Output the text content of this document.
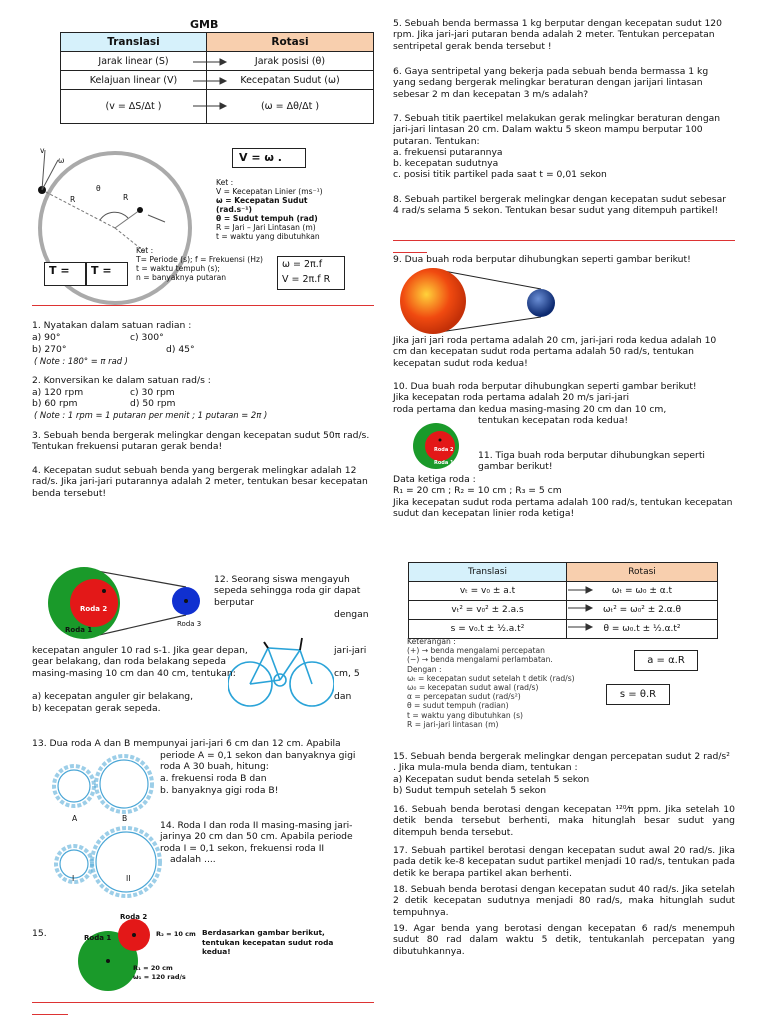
GMB
Translasi	Rotasi
Jarak linear (S)	Jarak posisi (θ)
Kelajuan linear (V)	Kecepatan Sudut (ω)
(v = ΔS/Δt )	(ω = Δθ/Δt )
v
ω
R	R
θ
V = ω .
Ket :
V = Kecepatan Linier (ms⁻¹)
ω = Kecepatan Sudut
(rad.s⁻¹)
θ = Sudut tempuh (rad)
R = Jari – Jari Lintasan (m)
t = waktu yang dibutuhkan
T =	T =
Ket :
T= Periode (s); f = Frekuensi (Hz)
t = waktu tempuh (s);
n = banyaknya putaran
ω = 2π.f
V = 2π.f R
1. Nyatakan dalam satuan radian :
a) 90°	c) 300°
b) 270°	d) 45°
( Note : 180° = π rad )
2. Konversikan ke dalam satuan rad/s :
a) 120 rpm	c) 30 rpm
b) 60 rpm	d) 50 rpm
( Note : 1 rpm = 1 putaran per menit ; 1 putaran = 2π )
3. Sebuah benda bergerak melingkar dengan kecepatan sudut 50π rad/s. Tentukan frekuensi putaran gerak benda!
4. Kecepatan sudut sebuah benda yang bergerak melingkar adalah 12 rad/s. Jika jari-jari putarannya adalah 2 meter, tentukan besar kecepatan benda tersebut!
5. Sebuah benda bermassa 1 kg berputar dengan kecepatan sudut 120 rpm. Jika jari-jari putaran benda adalah 2 meter. Tentukan percepatan sentripetal gerak benda tersebut !
6. Gaya sentripetal yang bekerja pada sebuah benda bermassa 1 kg yang sedang bergerak melingkar beraturan dengan jarijari lintasan sebesar 2 m dan kecepatan 3 m/s adalah?
7. Sebuah titik paertikel melakukan gerak melingkar beraturan dengan jari-jari lintasan 20 cm. Dalam waktu 5 skeon mampu berputar 100 putaran. Tentukan:
a. frekuensi putarannya
b. kecepatan sudutnya
c. posisi titik partikel pada saat t = 0,01 sekon
8. Sebuah partikel bergerak melingkar dengan kecepatan sudut sebesar 4 rad/s selama 5 sekon. Tentukan besar sudut yang ditempuh partikel!
9. Dua buah roda berputar dihubungkan seperti gambar berikut!
Jika jari jari roda pertama adalah 20 cm, jari-jari roda kedua adalah 10 cm dan kecepatan sudut roda pertama adalah 50 rad/s, tentukan kecepatan sudut roda kedua!
10. Dua buah roda berputar dihubungkan seperti gambar berikut!
Jika kecepatan roda pertama adalah 20 m/s jari-jari
roda pertama dan kedua masing-masing 20 cm dan 10 cm,
tentukan kecepatan roda kedua!
Roda 2
Roda 1
11. Tiga buah roda berputar dihubungkan seperti gambar berikut!
Data ketiga roda :
R₁ = 20 cm ; R₂ = 10 cm ; R₃ = 5 cm
Jika kecepatan sudut roda pertama adalah 100 rad/s, tentukan kecepatan sudut dan kecepatan linier roda ketiga!
Roda 2
Roda 1
Roda 3
12. Seorang siswa mengayuh sepeda sehingga roda gir dapat berputar
dengan
jari-jari
cm, 5
dan
kecepatan anguler 10 rad s-1. Jika gear depan, gear belakang, dan roda belakang sepeda masing-masing 10 cm dan 40 cm, tentukan:
a) kecepatan anguler gir belakang,
b) kecepatan gerak sepeda.
13. Dua roda A dan B mempunyai jari-jari 6 cm dan 12 cm. Apabila
periode A = 0,1 sekon dan banyaknya gigi
roda A 30 buah, hitung:
a. frekuensi roda B dan
b. banyaknya gigi roda B!
A	B
14. Roda I dan roda II masing-masing jari-jarinya 20 cm dan 50 cm. Apabila periode roda I = 0,1 sekon, frekuensi roda II
adalah ....
I	II
15.
Roda 2
Roda 1	R₂ = 10 cm
R₁ = 20 cm
ω₁ = 120 rad/s
Berdasarkan gambar berikut, tentukan kecepatan sudut roda kedua!
Translasi	Rotasi
vₜ = v₀ ± a.t	ωₜ = ω₀ ± α.t
vₜ² = v₀² ± 2.a.s	ωₜ² = ω₀² ± 2.α.θ
s = v₀.t ± ½.a.t²	θ = ω₀.t ± ½.α.t²
Keterangan :
(+) → benda mengalami percepatan
(−) → benda mengalami perlambatan.
Dengan :
ωₜ = kecepatan sudut setelah t detik (rad/s)
ω₀ = kecepatan sudut awal (rad/s)
α = percepatan sudut (rad/s²)
θ = sudut tempuh (radian)
t = waktu yang dibutuhkan (s)
R = jari-jari lintasan (m)
a = α.R
s = θ.R
15. Sebuah benda bergerak melingkar dengan percepatan sudut 2 rad/s² . Jika mula-mula benda diam, tentukan :
a) Kecepatan sudut benda setelah 5 sekon
b) Sudut tempuh setelah 5 sekon
16. Sebuah benda berotasi dengan kecepatan ¹²⁰⁄π ppm. Jika setelah 10 detik benda tersebut berhenti, maka hitunglah besar sudut yang ditempuh benda tersebut.
17. Sebuah partikel berotasi dengan kecepatan sudut awal 20 rad/s. Jika pada detik ke-8 kecepatan sudut partikel menjadi 10 rad/s, tentukan pada detik ke berapa partikel akan berhenti.
18. Sebuah benda berotasi dengan kecepatan sudut 40 rad/s. Jika setelah 2 detik kecepatan sudutnya menjadi 80 rad/s, maka hitunglah sudut tempuhnya.
19. Agar benda yang berotasi dengan kecepatan 6 rad/s menempuh sudut 80 rad dalam waktu 5 detik, tentukanlah percepatan yang dibutuhkannya.
